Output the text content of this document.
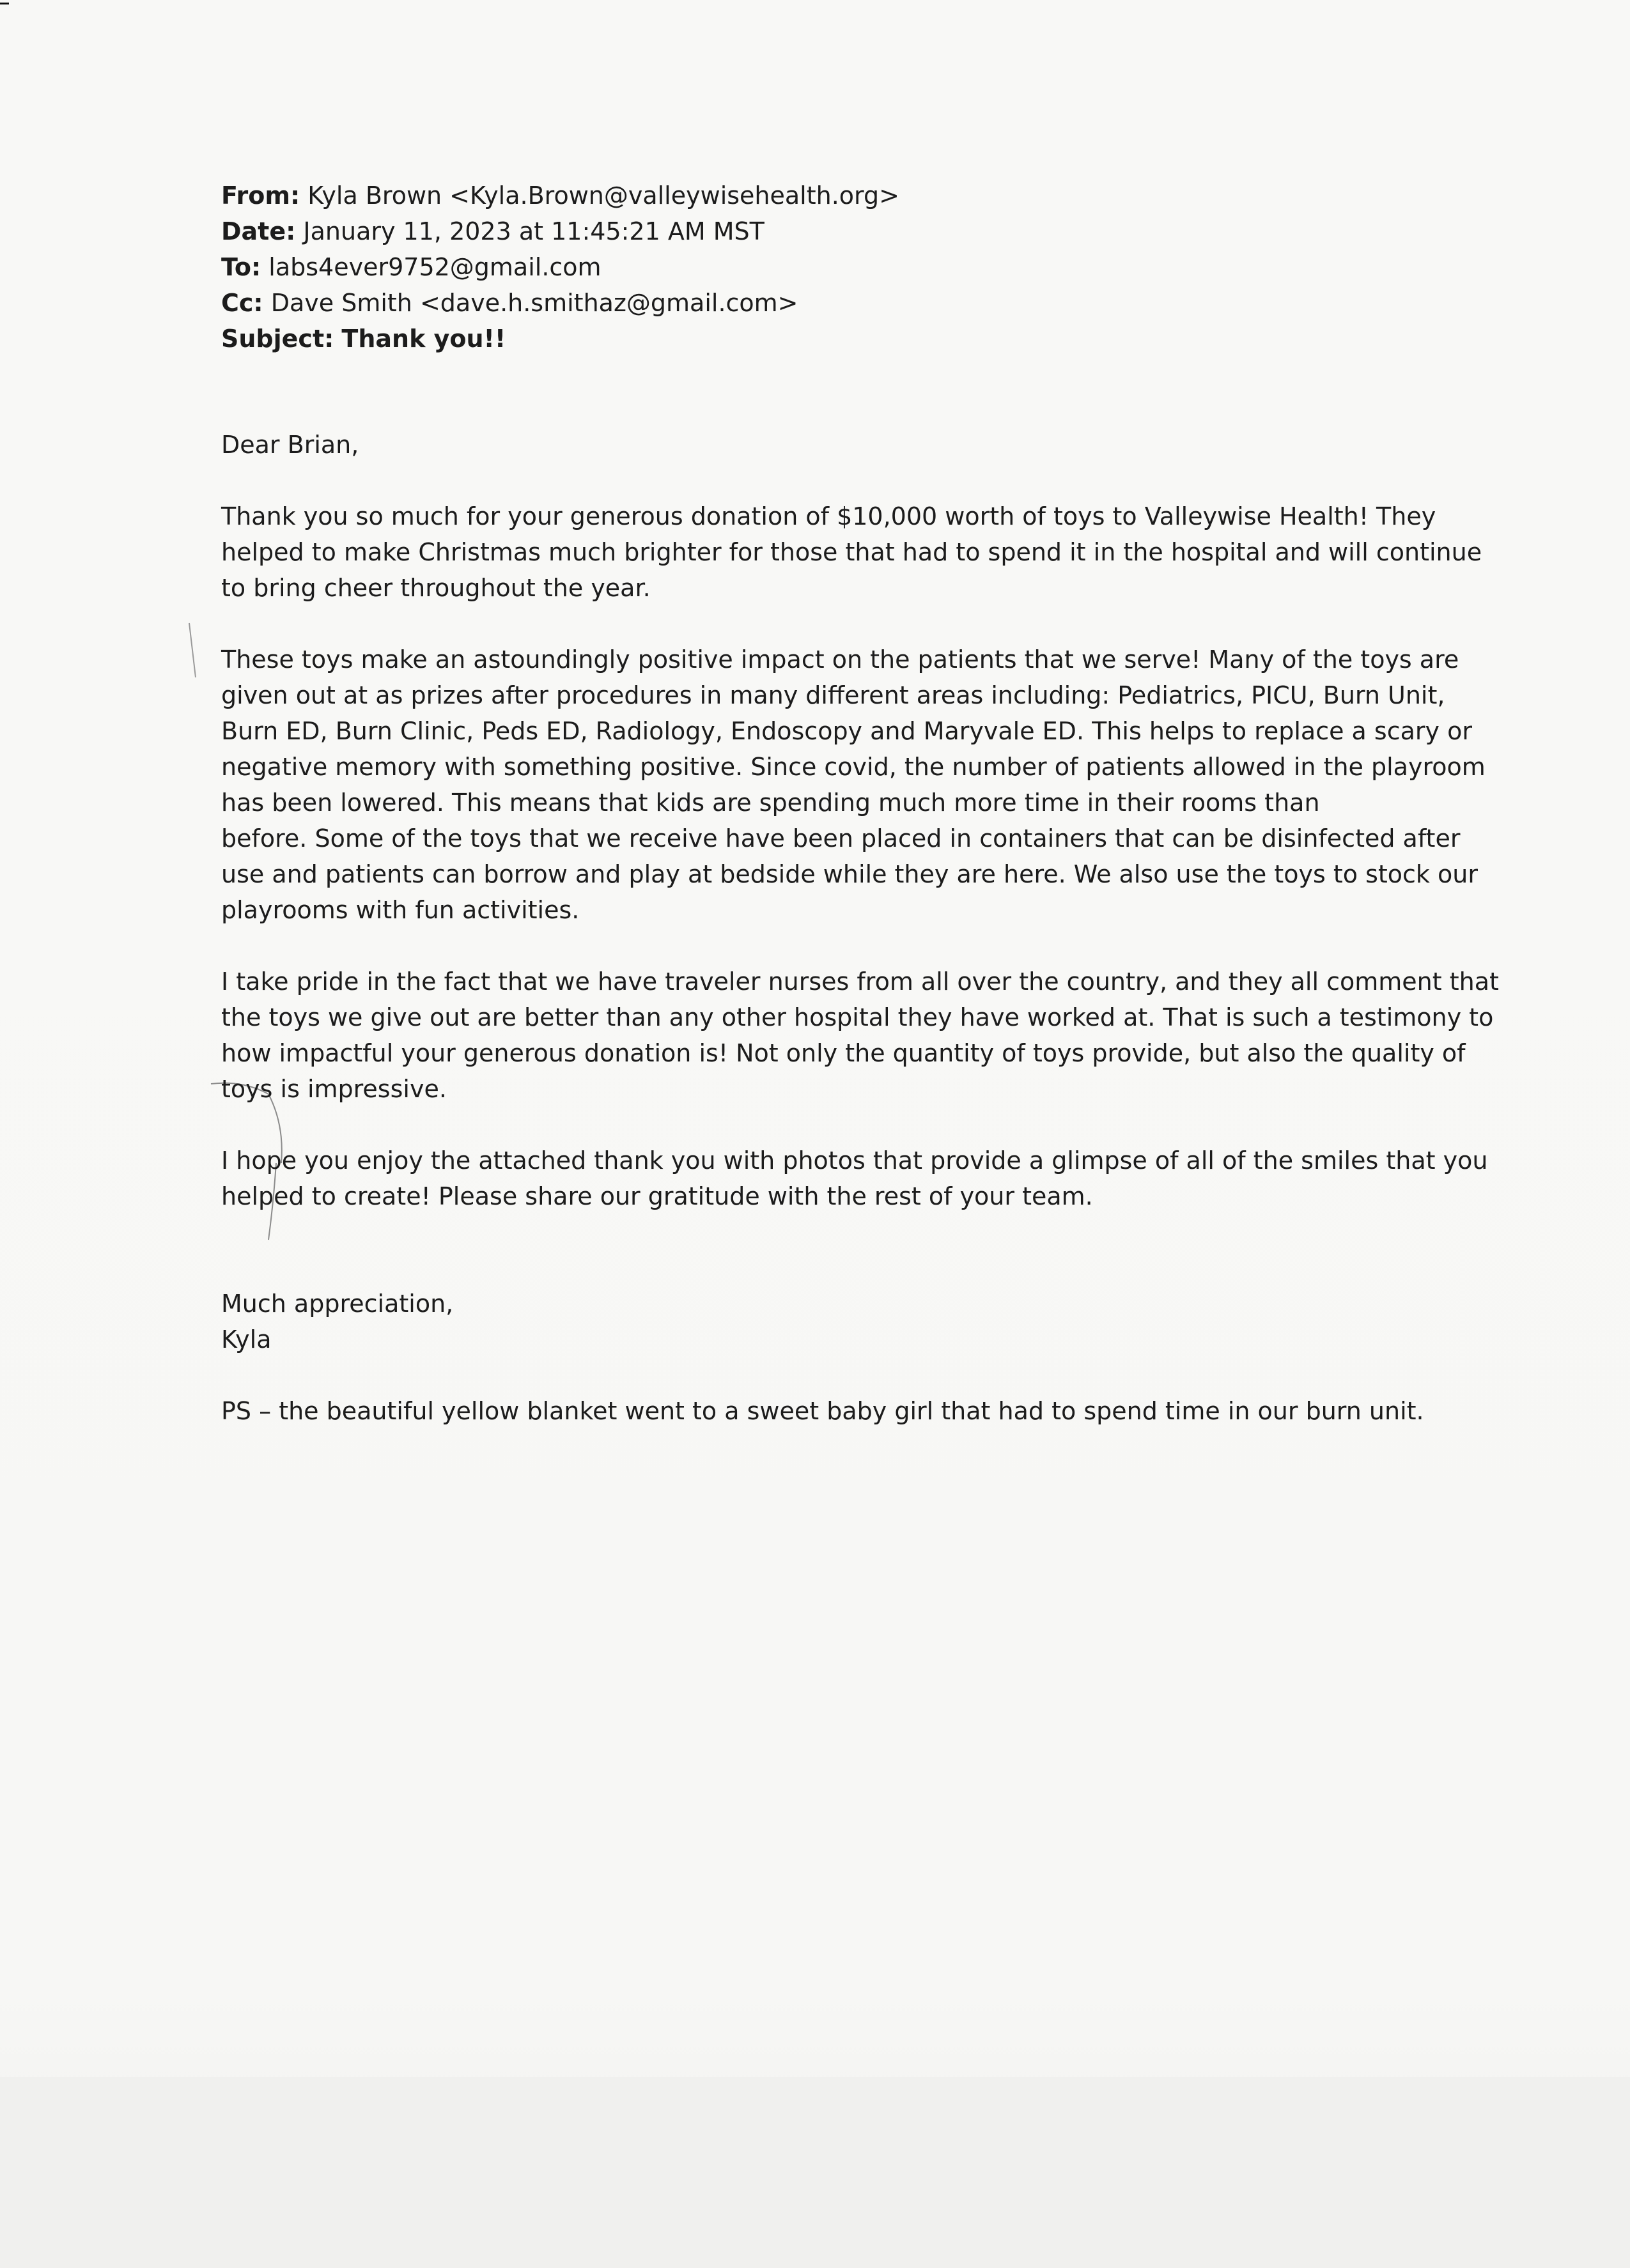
From: Kyla Brown <Kyla.Brown@valleywisehealth.org>

Date: January 11, 2023 at 11:45:21 AM MST

To: labs4ever9752@gmail.com

Cc: Dave Smith <dave.h.smithaz@gmail.com>

Subject: Thank you!!

Dear Brian,

Thank you so much for your generous donation of $10,000 worth of toys to Valleywise Health! They

helped to make Christmas much brighter for those that had to spend it in the hospital and will continue

to bring cheer throughout the year.

These toys make an astoundingly positive impact on the patients that we serve! Many of the toys are

given out at as prizes after procedures in many different areas including: Pediatrics, PICU, Burn Unit,

Burn ED, Burn Clinic, Peds ED, Radiology, Endoscopy and Maryvale ED. This helps to replace a scary or

negative memory with something positive. Since covid, the number of patients allowed in the playroom

has been lowered. This means that kids are spending much more time in their rooms than

before. Some of the toys that we receive have been placed in containers that can be disinfected after

use and patients can borrow and play at bedside while they are here. We also use the toys to stock our

playrooms with fun activities.

I take pride in the fact that we have traveler nurses from all over the country, and they all comment that

the toys we give out are better than any other hospital they have worked at. That is such a testimony to

how impactful your generous donation is! Not only the quantity of toys provide, but also the quality of

toys is impressive.

I hope you enjoy the attached thank you with photos that provide a glimpse of all of the smiles that you

helped to create! Please share our gratitude with the rest of your team.

Much appreciation,
Kyla

PS – the beautiful yellow blanket went to a sweet baby girl that had to spend time in our burn unit.
